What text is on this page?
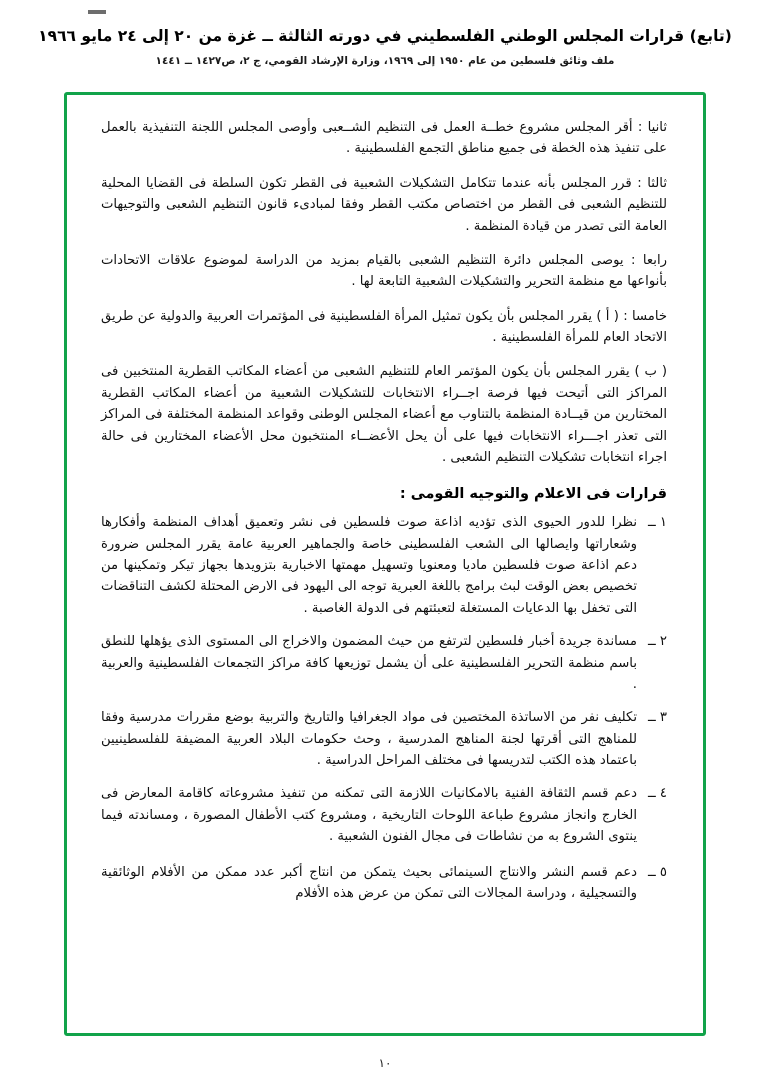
(تابع) قرارات المجلس الوطني الفلسطيني في دورته الثالثة ــ غزة من ٢٠ إلى ٢٤ مايو ١٩٦٦
ملف وثائق فلسطين من عام ١٩٥٠ إلى ١٩٦٩، وزارة الإرشاد القومي، ج ٢، ص١٤٢٧ ــ ١٤٤١

ثانيا : أقر المجلس مشروع خطــة العمل فى التنظيم الشــعبى وأوصى المجلس اللجنة التنفيذية بالعمل على تنفيذ هذه الخطة فى جميع مناطق التجمع الفلسطينية .

ثالثا : قرر المجلس بأنه عندما تتكامل التشكيلات الشعبية فى القطر تكون السلطة فى القضايا المحلية للتنظيم الشعبى فى القطر من اختصاص مكتب القطر وفقا لمبادىء قانون التنظيم الشعبى والتوجيهات العامة التى تصدر من قيادة المنظمة .

رابعا : يوصى المجلس دائرة التنظيم الشعبى بالقيام بمزيد من الدراسة لموضوع علاقات الاتحادات بأنواعها مع منظمة التحرير والتشكيلات الشعبية التابعة لها .

خامسا : ( أ ) يقرر المجلس بأن يكون تمثيل المرأة الفلسطينية فى المؤتمرات العربية والدولية عن طريق الاتحاد العام للمرأة الفلسطينية .

( ب ) يقرر المجلس بأن يكون المؤتمر العام للتنظيم الشعبى من أعضاء المكاتب القطرية المنتخبين فى المراكز التى أتيحت فيها فرصة اجــراء الانتخابات للتشكيلات الشعبية من أعضاء المكاتب القطرية المختارين من قيــادة المنظمة بالتناوب مع أعضاء المجلس الوطنى وقواعد المنظمة المختلفة فى المراكز التى تعذر اجـــراء الانتخابات فيها على أن يحل الأعضــاء المنتخبون محل الأعضاء المختارين فى حالة اجراء انتخابات تشكيلات التنظيم الشعبى .

قرارات فى الاعلام والتوجيه القومى :
١ ــ
نظرا للدور الحيوى الذى تؤديه اذاعة صوت فلسطين فى نشر وتعميق أهداف المنظمة وأفكارها وشعاراتها وايصالها الى الشعب الفلسطينى خاصة والجماهير العربية عامة يقرر المجلس ضرورة دعم اذاعة صوت فلسطين ماديا ومعنويا وتسهيل مهمتها الاخبارية بتزويدها بجهاز تيكر وتمكينها من تخصيص بعض الوقت لبث برامج باللغة العبرية توجه الى اليهود فى الارض المحتلة لكشف التناقضات التى تخفل بها الدعايات المستغلة لتعبئتهم فى الدولة الغاصبة .
٢ ــ
مساندة جريدة أخبار فلسطين لترتفع من حيث المضمون والاخراج الى المستوى الذى يؤهلها للنطق باسم منظمة التحرير الفلسطينية على أن يشمل توزيعها كافة مراكز التجمعات الفلسطينية والعربية .
٣ ــ
تكليف نفر من الاساتذة المختصين فى مواد الجغرافيا والتاريخ والتربية بوضع مقررات مدرسية وفقا للمناهج التى أقرتها لجنة المناهج المدرسية ، وحث حكومات البلاد العربية المضيفة للفلسطينيين باعتماد هذه الكتب لتدريسها فى مختلف المراحل الدراسية .
٤ ــ
دعم قسم الثقافة الفنية بالامكانيات اللازمة التى تمكنه من تنفيذ مشروعاته كاقامة المعارض فى الخارج وانجاز مشروع طباعة اللوحات التاريخية ، ومشروع كتب الأطفال المصورة ، ومساندته فيما ينتوى الشروع به من نشاطات فى مجال الفنون الشعبية .
٥ ــ
دعم قسم النشر والانتاج السينمائى بحيث يتمكن من انتاج أكبر عدد ممكن من الأفلام الوثائقية والتسجيلية ، ودراسة المجالات التى تمكن من عرض هذه الأفلام
١٠
